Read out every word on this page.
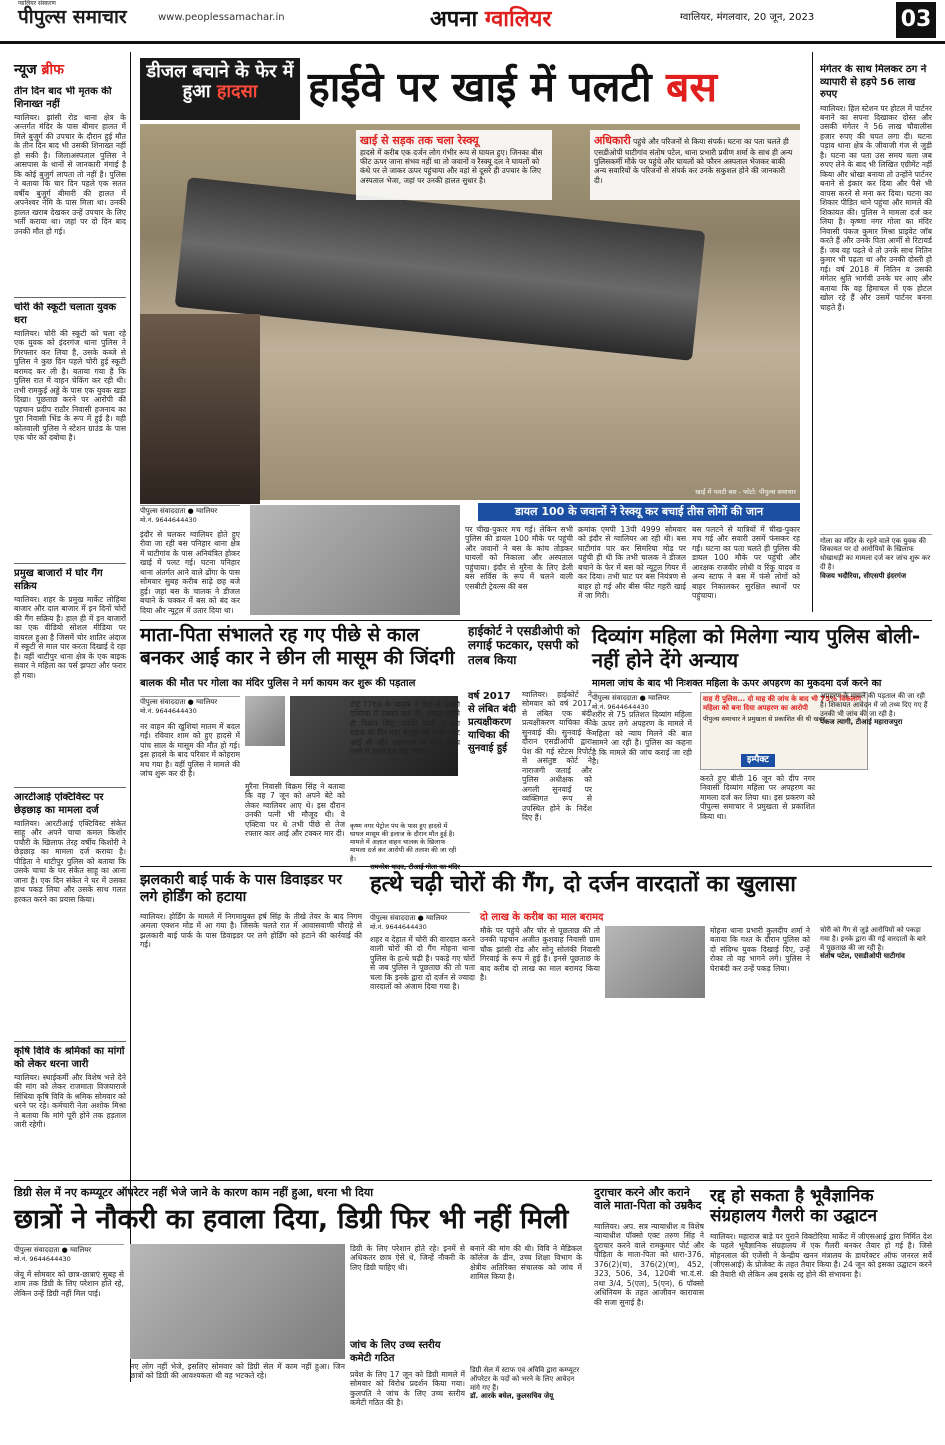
ग्वालियर संस्करण
पीपुल्स समाचार	www.peoplessamachar.in	अपना ग्वालियर	ग्वालियर, मंगलवार, 20 जून, 2023	03
न्यूज ब्रीफ
तीन दिन बाद भी मृतक की शिनाख्त नहीं
ग्वालियर। झांसी रोड थाना क्षेत्र के अन्तर्गत मंदिर के पास बीमार हालत में मिले बुजुर्ग की उपचार के दौरान हुई मौत के तीन दिन बाद भी उसकी शिनाख्त नहीं हो सकी है। जिलाअस्पताल पुलिस ने आसपास के थानों से जानकारी मंगाई है कि कोई बुजुर्ग लापता तो नहीं है। पुलिस ने बताया कि चार दिन पहले एक सतत वर्षीय बुजुर्ग बीमारी की हालत में अपनेश्वर नेमि के पास मिला था। उनकी हालत खराब देखकर उन्हें उपचार के लिए भर्ती कराया था। जहां पर दो दिन बाद उनकी मौत हो गई।
चोरी की स्कूटी चलाता युवक धरा
ग्वालियर। चोरी की स्कूटी को चला रहे एक युवक को इंदरगंज थाना पुलिस ने गिरफ्तार कर लिया है, उसके कब्जे से पुलिस ने कुछ दिन पहले चोरी हुई स्कूटी बरामद कर ली है। बताया गया है कि पुलिस रात में वाहन चेकिंग कर रही थी। तभी रामकुई अड्डे के पास एक युवक खड़ा दिखा। पूछताछ करने पर आरोपी की पहचान प्रदीप राठौर निवासी हजनाय का पुरा निवासी भिंड के रूप में हुई है। वही कोतवाली पुलिस ने स्टेशन ग्राउंड के पास एक चोर को दबोचा है।
प्रमुख बाजारों में घोर गैंग सक्रिय
ग्वालियर। शहर के प्रमुख मार्केट लोहिया बाजार और दाल बाजार में इन दिनों चोरों की गैंग सक्रिय है। हाल ही में इन बाजारों का एक वीडियो सोशल मीडिया पर वायरल हुआ है जिसमें चोर शातिर अंदाज में स्कूटी से माल पार करता दिखाई दे रहा है। वहीं थाटीपुर थाना क्षेत्र के एक बाइक सवार ने महिला का पर्स झपटा और फरार हो गया।
आरटीआई एक्टिविस्ट पर छेड़छाड़ का मामला दर्ज
ग्वालियर। आरटीआई एक्टिविस्ट संकेत साहू और अपने चाचा कमल किशोर पचौरी के खिलाफ तेरह वर्षीय किशोरी ने छेड़छाड़ का मामला दर्ज कराया है। पीड़िता ने थाटीपुर पुलिस को बताया कि उसके चाचा के घर संकेत साहू का आना जाना है। एक दिन संकेत ने घर में उसका हाथ पकड़ लिया और उसके साथ गलत हरकत करने का प्रयास किया।
कृषि विवि के श्रमिकों का मांगों को लेकर धरना जारी
ग्वालियर। स्थाईकर्मी और विशेष भत्ते देने की मांग को लेकर राजमाता विजयाराजे सिंधिया कृषि विवि के श्रमिक सोमवार को धरने पर रहे। कर्मचारी नेता अशोक मिश्रा ने बताया कि मांगे पूरी होने तक हड़ताल जारी रहेगी।
डीजल बचाने के फेर में हुआ हादसा	हाईवे पर खाई में पलटी बस
खाई में पलटी बस - फोटो: पीपुल्स समाचार
खाई से सड़क तक चला रेस्क्यू
हादसे में करीब एक दर्जन लोग गंभीर रूप से घायल हुए। जिनका बीस फीट ऊपर जाना संभव नहीं था तो जवानों व रैस्क्यू दल ने घायलों को कंधे पर ले जाकर ऊपर पहुंचाया और वहां से दूसरे ही उपचार के लिए अस्पताल भेजा, जहां पर उनकी हालत सुधार है।
अधिकारी पहुंचे और परिजनों से किया संपर्क। घटना का पता चलते ही एसडीओपी घाटीगांव संतोष पटेल, थाना प्रभारी प्रवीण शर्मा के साथ ही अन्य पुलिसकर्मी मौके पर पहुंचे और घायलों को फौरन अस्पताल भेजकर बाकी अन्य सवारियों के परिजनों से संपर्क कर उनके सकुशल होने की जानकारी दी।
डायल 100 के जवानों ने रेस्क्यू कर बचाई तीस लोगों की जान
पीपुल्स संवाददाता ● ग्वालियर
मो.नं. 9644644430
इंदौर से चलकर ग्वालियर होते हुए रीवा जा रही बस पनिहार थाना क्षेत्र में घाटीगांव के पास अनियंत्रित होकर खाई में पलट गई। घटना पनिहार थाना अंतर्गत आने वाले ढोंगा के पास सोमवार सुबह करीब साढ़े छह बजे हुई। जहां बस के चालक ने डीजल बचाने के चक्कर में बस को बंद कर दिया और न्यूट्रल में उतार दिया था।
पर चीख-पुकार मच गई। लेकिन सभी पुलिस की डायल 100 मौके पर पहुंची और जवानों ने बस के कांच तोड़कर घायलों को निकाला और अस्पताल पहुंचाया। इंदौर से मुरैना के लिए डेली बस सर्विस के रूप में चलने वाली एसबीटी ट्रेवल्स की बस
क्रमांक एमपी 13पी 4999 सोमवार को इंदौर से ग्वालियर आ रही थी। बस घाटीगांव पार कर सिमरिया मोड़ पर पहुंची ही थी कि तभी चालक ने डीजल बचाने के फेर में बस को न्यूट्रल गियर में कर दिया। तभी घाट पर बस नियंत्रण से बाहर हो गई और बीस फीट गहरी खाई में जा गिरी।
बस पलटने से यात्रियों में चीख-पुकार मच गई और सवारी उसमें फंसकर रह गईं। घटना का पता चलते ही पुलिस की डायल 100 मौके पर पहुंची और आरक्षक राजवीर लोधी व रिंकू यादव व अन्य स्टाफ ने बस में फंसे लोगों को बाहर निकालकर सुरक्षित स्थानों पर पहुंचाया।
मंगेतर के साथ मिलकर ठग ने व्यापारी से हड़पे 56 लाख रुपए
ग्वालियर। हिल स्टेशन पर होटल में पार्टनर बनाने का सपना दिखाकर दोस्त और उसकी मंगेतर ने 56 लाख चौवालीस हजार रुपए की चपत लगा दी। घटना पड़ाव थाना क्षेत्र के जीवाजी गंज से जुड़ी है। घटना का पता उस समय चला जब रुपए लेने के बाद भी लिखित एग्रीमेंट नहीं किया और धोखा बनाया तो उन्होंने पार्टनर बनाने से इंकार कर दिया और पैसे भी वापस करने से मना कर दिया। घटना का शिकार पीड़ित थाने पहुंचा और मामले की शिकायत की। पुलिस ने मामला दर्ज कर लिया है। कृष्णा नगर गोला का मंदिर निवासी पंकज कुमार मिश्रा प्राइवेट जॉब करते हैं और उनके पिता आर्मी से रिटायर्ड हैं। जब वह पढ़ते थे तो उनके साथ नितिन कुमार भी पढ़ता था और उनकी दोस्ती हो गई। वर्ष 2018 में नितिन व उसकी मंगेतर श्रुति भार्गवी उनके घर आए और बताया कि वह हिमाचल में एक होटल खोल रहे हैं और उसमें पार्टनर बनना चाहते हैं।
गोला का मंदिर के रहने वाले एक युवक की शिकायत पर दो आरोपियों के खिलाफ धोखाधड़ी का मामला दर्ज कर जांच शुरू कर दी है।
विजय भदौरिया, सीएसपी इंदरगंज
माता-पिता संभालते रह गए पीछे से काल बनकर आई कार ने छीन ली मासूम की जिंदगी
बालक की मौत पर गोला का मंदिर पुलिस ने मर्ग कायम कर शुरू की पड़ताल
पीपुल्स संवाददाता ● ग्वालियर
मो.नं. 9644644430
नर वाहन की खुशियां मातम में बदल गईं। रविवार शाम को हुए हादसे में पांच साल के मासूम की मौत हो गई। इस हादसे के बाद परिवार में कोहराम मच गया है। वहीं पुलिस ने मामले की जांच शुरू कर दी है।
मुरैना निवासी विक्रम सिंह ने बताया कि वह 7 जून को अपने बेटे को लेकर ग्वालियर आए थे। इस दौरान उनकी पत्नी भी मौजूद थी। वे एक्टिवा पर थे तभी पीछे से तेज रफ्तार कार आई और टक्कर मार दी।
डीई 7769 के चालक ने पीछे से उनकी एक्टिवा में टक्कर मार दी। टक्कर लगते ही विक्रम सिंह, उनकी पत्नी व बेटा सड़क पर गिर गए। मासूम को गंभीर चोट आई थी और अस्पताल ले जाते समय रास्ते में उसने दम तोड़ दिया।
कृष्ण नगर पेट्रोल पंप के पास हुए हादसे में घायल मासूम की इलाज के दौरान मौत हुई है। मामले में अज्ञात वाहन चालक के खिलाफ मामला दर्ज कर आरोपी की तलाश की जा रही है।
हाईकोर्ट ने एसडीओपी को लगाई फटकार, एसपी को तलब किया
वर्ष 2017 से लंबित बंदी प्रत्यक्षीकरण याचिका की सुनवाई हुई
ग्वालियर। हाईकोर्ट ने सोमवार को वर्ष 2017 से लंबित एक बंदी प्रत्यक्षीकरण याचिका की सुनवाई की। सुनवाई के दौरान एसडीओपी द्वारा पेश की गई स्टेटस रिपोर्ट से असंतुष्ट कोर्ट ने नाराजगी जताई और पुलिस अधीक्षक को अगली सुनवाई पर व्यक्तिगत रूप से उपस्थित होने के निर्देश दिए हैं।
दिव्यांग महिला को मिलेगा न्याय पुलिस बोली-नहीं होने देंगे अन्याय
मामला जांच के बाद भी निःशक्त महिला के ऊपर अपहरण का मुकदमा दर्ज करने का
पीपुल्स संवाददाता ● ग्वालियर
मो.नं. 9644644430
वाह री पुलिस... दो माह की जांच के बाद भी 75% विकलांग महिला को बना दिया अपहरण का आरोपी
पीपुल्स समाचार ने प्रमुखता से प्रकाशित की थी खबर
इम्पैक्ट
शरीर से 75 प्रतिशत दिव्यांग महिला के ऊपर लगे अपहरण के मामले में महिला को न्याय मिलने की बात सामने आ रही है। पुलिस का कहना है कि मामले की जांच कराई जा रही है।
करते हुए बीती 16 जून को दीप नगर निवासी दिव्यांग महिला पर अपहरण का मामला दर्ज कर लिया था। इस प्रकरण को पीपुल्स समाचार ने प्रमुखता से प्रकाशित किया था।
अपहरण के मामले की पड़ताल की जा रही है। शिकायत आवेदन में जो तथ्य दिए गए हैं उनकी भी जांच की जा रही है।
पंकज त्यागी, टीआई महाराजपुरा
झलकारी बाई पार्क के पास डिवाइडर पर लगे होर्डिंग को हटाया
ग्वालियर। होर्डिंग के मामले में निगमायुक्त हर्ष सिंह के तीखे तेवर के बाद निगम अमला एक्शन मोड में आ गया है। जिसके चलते रात में आवासवाणी चौराहे से झलकारी बाई पार्क के पास डिवाइडर पर लगे होर्डिंग को हटाने की कार्रवाई की गई।
हत्थे चढ़ी चोरों की गैंग, दो दर्जन वारदातों का खुलासा
पीपुल्स संवाददाता ● ग्वालियर
मो.नं. 9644644430
शहर व देहात में चोरी की वारदात करने वाली चोरों की दो गैंग मोहना थाना पुलिस के हत्थे चढ़ी है। पकड़े गए चोरों से जब पुलिस ने पूछताछ की तो पता चला कि इनके द्वारा दो दर्जन से ज्यादा वारदातों को अंजाम दिया गया है।
दो लाख के करीब का माल बरामद
मौके पर पहुंचे और चोर से पूछताछ की तो उनकी पहचान अजीत कुशवाह निवासी ग्राम चौक झांसी रोड और सोनू सोलंकी निवासी गिरवाई के रूप में हुई है। इनसे पूछताछ के बाद करीब दो लाख का माल बरामद किया है।
मोहना थाना प्रभारी कुलदीप शर्मा ने बताया कि गश्त के दौरान पुलिस को दो संदिग्ध युवक दिखाई दिए, उन्हें रोका तो वह भागने लगे। पुलिस ने घेराबंदी कर उन्हें पकड़ लिया।
चोरी को गैंग से जुड़े आरोपियों को पकड़ा गया है। इनके द्वारा की गई वारदातों के बारे में पूछताछ की जा रही है।
संतोष पटेल, एसडीओपी घाटीगांव
डिग्री सेल में नए कम्प्यूटर ऑपरेटर नहीं भेजे जाने के कारण काम नहीं हुआ, धरना भी दिया
छात्रों ने नौकरी का हवाला दिया, डिग्री फिर भी नहीं मिली
पीपुल्स संवाददाता ● ग्वालियर
मो.नं. 9644644430
जेयू में सोमवार को छात्र-छात्राएं सुबह से शाम तक डिग्री के लिए परेशान होते रहे, लेकिन उन्हें डिग्री नहीं मिल पाई।
नए लोग नहीं भेजे, इसलिए सोमवार को डिग्री सेल में काम नहीं हुआ। जिन छात्रों को डिग्री की आवश्यकता थी वह भटकते रहे।
डिग्री के लिए परेशान होते रहे। इनमें से अधिकतर छात्र ऐसे थे, जिन्हें नौकरी के लिए डिग्री चाहिए थी।
जांच के लिए उच्च स्तरीय कमेटी गठित
प्रवेश के लिए 17 जून को डिग्री मामले में सोमवार को विरोध प्रदर्शन किया गया। कुलपति ने जांच के लिए उच्च स्तरीय कमेटी गठित की है।
बनाने की मांग की थी। विवि ने मेडिकल कॉलेज के डीन, उच्च शिक्षा विभाग के क्षेत्रीय अतिरिक्त संचालक को जांच में शामिल किया है।
डिग्री सेल में स्टाफ एवं अविवि द्वारा कम्प्यूटर ऑपरेटर के पदों को भरने के लिए आवेदन मांगे गए हैं।
डॉ. आरके बघेल, कुलसचिव जेयू
दुराचार करने और कराने वाले माता-पिता को उम्रकैद
ग्वालियर। अप. सत्र न्यायाधीश व विशेष न्यायाधीश पॉक्सो एक्ट तरुण सिंह ने दुराचार करने वाले रामकुमार पोर्ट और पीड़िता के माता-पिता को धारा-376, 376(2)(च), 376(2)(ण), 452, 323, 506, 34, 120बी भा.दं.सं. तथा 3/4, 5(एल), 5(एन), 6 पॉक्सो अधिनियम के तहत आजीवन कारावास की सजा सुनाई है।
रद्द हो सकता है भूवैज्ञानिक संग्रहालय गैलरी का उद्घाटन
ग्वालियर। महाराज बाड़े पर पुराने विक्टोरिया मार्केट में जीएसआई द्वारा निर्मित देश के पहले भूवैज्ञानिक संग्रहालय में एक गैलरी बनकर तैयार हो गई है। जिसे मोहनलाल की एजेंसी ने केन्द्रीय खनन मंत्रालय के डायरेक्टर ऑफ जनरल सर्वे (जीएसआई) के प्रोजेक्ट के तहत तैयार किया है। 24 जून को इसका उद्घाटन करने की तैयारी थी लेकिन अब इसके रद्द होने की संभावना है।
